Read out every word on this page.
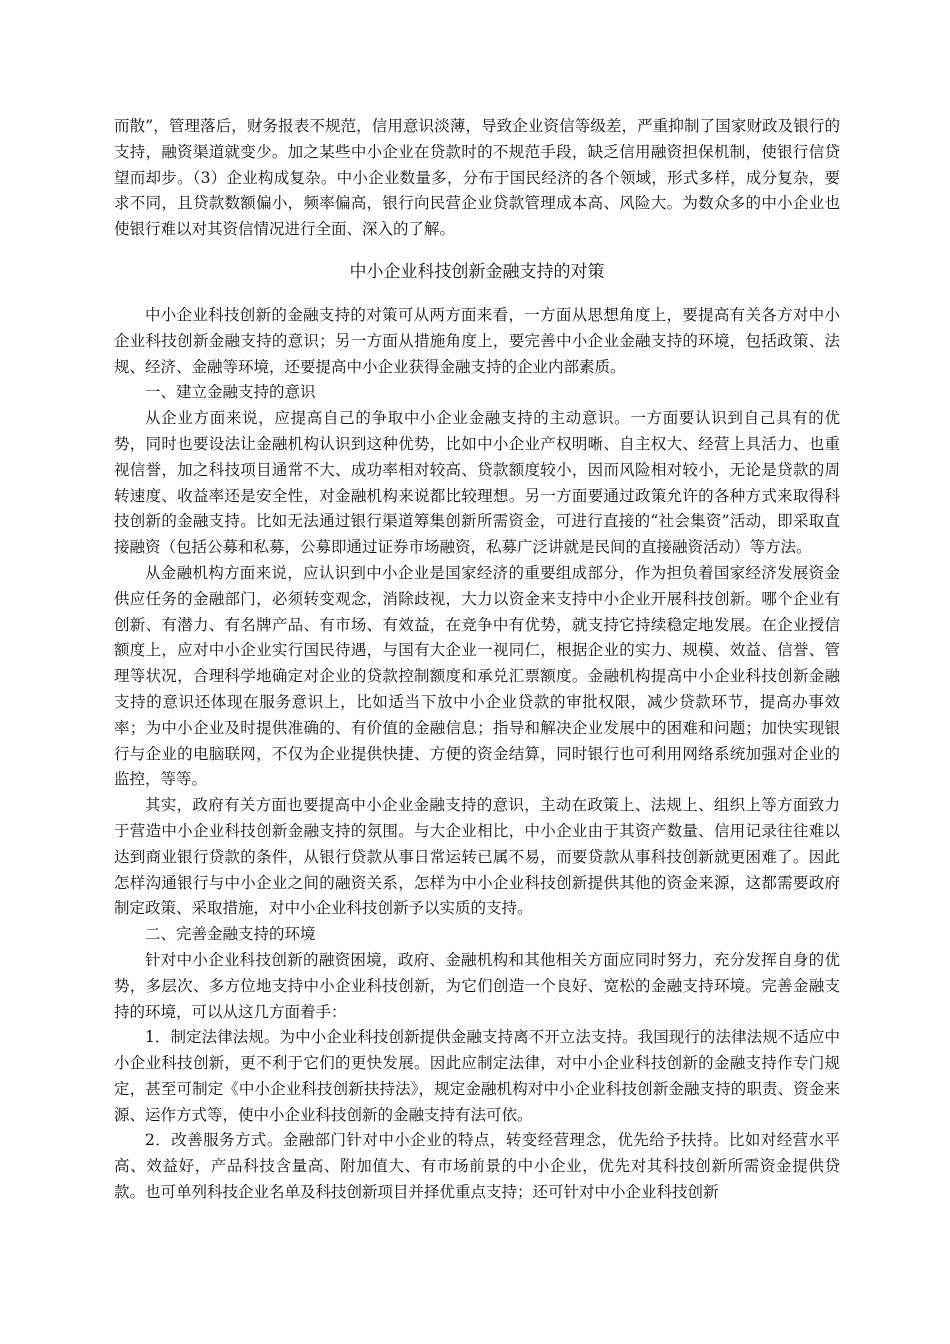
而散”，管理落后，财务报表不规范，信用意识淡薄，导致企业资信等级差，严重抑制了国家财政及银行的支持，融资渠道就变少。加之某些中小企业在贷款时的不规范手段，缺乏信用融资担保机制，使银行信贷望而却步。（3）企业构成复杂。中小企业数量多，分布于国民经济的各个领域，形式多样，成分复杂，要求不同，且贷款数额偏小，频率偏高，银行向民营企业贷款管理成本高、风险大。为数众多的中小企业也使银行难以对其资信情况进行全面、深入的了解。

中小企业科技创新金融支持的对策

中小企业科技创新的金融支持的对策可从两方面来看，一方面从思想角度上，要提高有关各方对中小企业科技创新金融支持的意识；另一方面从措施角度上，要完善中小企业金融支持的环境，包括政策、法规、经济、金融等环境，还要提高中小企业获得金融支持的企业内部素质。

一、建立金融支持的意识

从企业方面来说，应提高自己的争取中小企业金融支持的主动意识。一方面要认识到自己具有的优势，同时也要设法让金融机构认识到这种优势，比如中小企业产权明晰、自主权大、经营上具活力、也重视信誉，加之科技项目通常不大、成功率相对较高、贷款额度较小，因而风险相对较小，无论是贷款的周转速度、收益率还是安全性，对金融机构来说都比较理想。另一方面要通过政策允许的各种方式来取得科技创新的金融支持。比如无法通过银行渠道筹集创新所需资金，可进行直接的“社会集资”活动，即采取直接融资（包括公募和私募，公募即通过证券市场融资，私募广泛讲就是民间的直接融资活动）等方法。

从金融机构方面来说，应认识到中小企业是国家经济的重要组成部分，作为担负着国家经济发展资金供应任务的金融部门，必须转变观念，消除歧视，大力以资金来支持中小企业开展科技创新。哪个企业有创新、有潜力、有名牌产品、有市场、有效益，在竞争中有优势，就支持它持续稳定地发展。在企业授信额度上，应对中小企业实行国民待遇，与国有大企业一视同仁，根据企业的实力、规模、效益、信誉、管理等状况，合理科学地确定对企业的贷款控制额度和承兑汇票额度。金融机构提高中小企业科技创新金融支持的意识还体现在服务意识上，比如适当下放中小企业贷款的审批权限，减少贷款环节，提高办事效率；为中小企业及时提供准确的、有价值的金融信息；指导和解决企业发展中的困难和问题；加快实现银行与企业的电脑联网，不仅为企业提供快捷、方便的资金结算，同时银行也可利用网络系统加强对企业的监控，等等。

其实，政府有关方面也要提高中小企业金融支持的意识，主动在政策上、法规上、组织上等方面致力于营造中小企业科技创新金融支持的氛围。与大企业相比，中小企业由于其资产数量、信用记录往往难以达到商业银行贷款的条件，从银行贷款从事日常运转已属不易，而要贷款从事科技创新就更困难了。因此怎样沟通银行与中小企业之间的融资关系，怎样为中小企业科技创新提供其他的资金来源，这都需要政府制定政策、采取措施，对中小企业科技创新予以实质的支持。

二、完善金融支持的环境

针对中小企业科技创新的融资困境，政府、金融机构和其他相关方面应同时努力，充分发挥自身的优势，多层次、多方位地支持中小企业科技创新，为它们创造一个良好、宽松的金融支持环境。完善金融支持的环境，可以从这几方面着手：

1．制定法律法规。为中小企业科技创新提供金融支持离不开立法支持。我国现行的法律法规不适应中小企业科技创新，更不利于它们的更快发展。因此应制定法律，对中小企业科技创新的金融支持作专门规定，甚至可制定《中小企业科技创新扶持法》，规定金融机构对中小企业科技创新金融支持的职责、资金来源、运作方式等，使中小企业科技创新的金融支持有法可依。

2．改善服务方式。金融部门针对中小企业的特点，转变经营理念，优先给予扶持。比如对经营水平高、效益好，产品科技含量高、附加值大、有市场前景的中小企业，优先对其科技创新所需资金提供贷款。也可单列科技企业名单及科技创新项目并择优重点支持；还可针对中小企业科技创新
